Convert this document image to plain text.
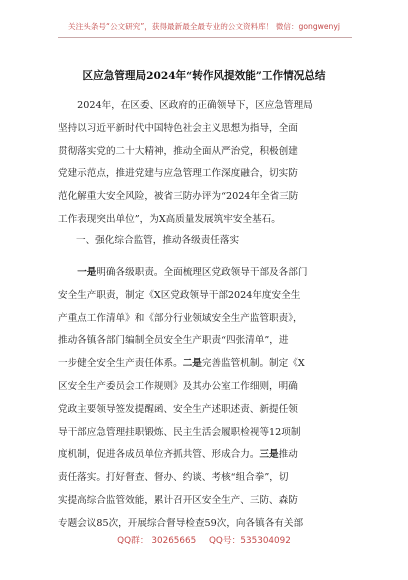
关注头条号“公文研究”，获得最新最全最专业的公文资料库！ 微信：gongwenyj
区应急管理局2024年“转作风提效能”工作情况总结
　　2024年，在区委、区政府的正确领导下，区应急管理局
坚持以习近平新时代中国特色社会主义思想为指导，全面
贯彻落实党的二十大精神，推动全面从严治党，积极创建
党建示范点，推进党建与应急管理工作深度融合，切实防
范化解重大安全风险，被省三防办评为“2024年全省三防
工作表现突出单位”，为X高质量发展筑牢安全基石。
一、强化综合监管，推动各级责任落实
　　一是明确各级职责。全面梳理区党政领导干部及各部门
安全生产职责，制定《X区党政领导干部2024年度安全生
产重点工作清单》和《部分行业领域安全生产监管职责》，
推动各镇各部门编制全员安全生产职责“四张清单”，进
一步健全安全生产责任体系。二是完善监管机制。制定《X
区安全生产委员会工作规则》及其办公室工作细则，明确
党政主要领导签发提醒函、安全生产述职述责、新提任领
导干部应急管理挂职锻炼、民主生活会履职检视等12项制
度机制，促进各成员单位齐抓共管、形成合力。三是推动
责任落实。打好督查、督办、约谈、考核“组合拳”，切
实提高综合监管效能，累计召开区安全生产、三防、森防
专题会议85次，开展综合督导检查59次，向各镇各有关部
QQ群： 30265665 QQ号：535304092
